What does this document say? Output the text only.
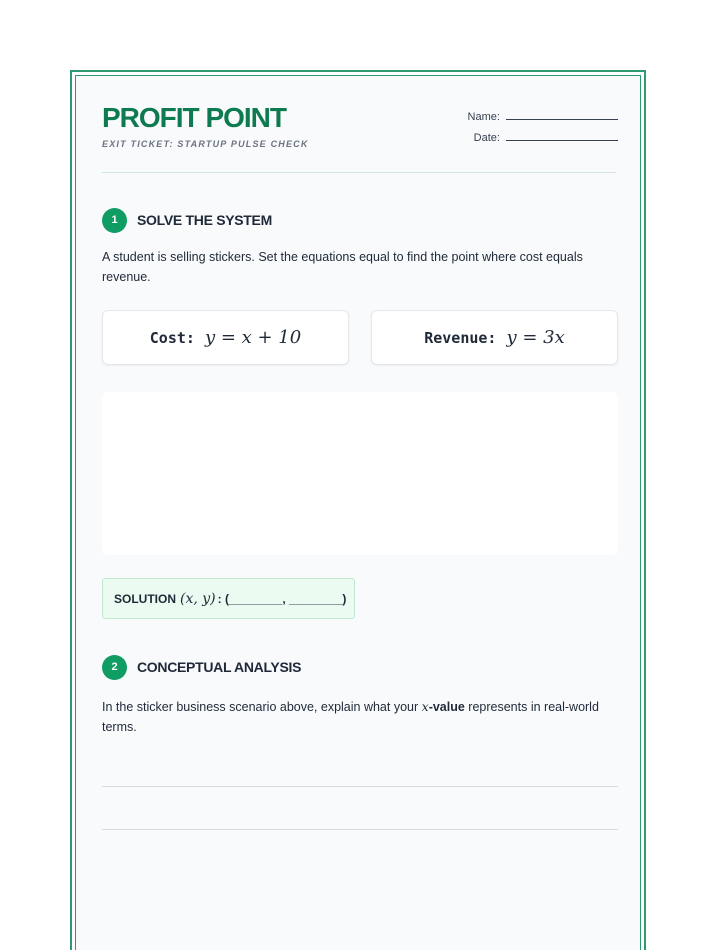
PROFIT POINT
EXIT TICKET: STARTUP PULSE CHECK
Name:
Date:
1	SOLVE THE SYSTEM
A student is selling stickers. Set the equations equal to find the point where cost equals revenue.
Cost: y = x + 10	Revenue: y = 3x
SOLUTION (x, y) : (________, ________)
2	CONCEPTUAL ANALYSIS
In the sticker business scenario above, explain what your x-value represents in real-world terms.
